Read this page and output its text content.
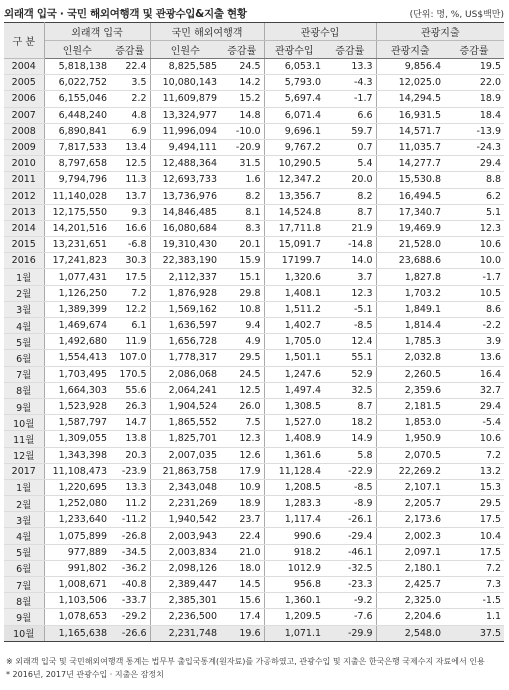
외래객 입국 · 국민 해외여행객 및 관광수입&지출 현황	(단위: 명, %, US$백만)
구 분	외래객 입국		국민 해외여행객		관광수입		관광지출	
	인원수	증감률	인원수	증감률	관광수입	증감률	관광지출	증감률
2004	5,818,138	22.4	8,825,585	24.5	6,053.1	13.3	9,856.4	19.5
2005	6,022,752	3.5	10,080,143	14.2	5,793.0	-4.3	12,025.0	22.0
2006	6,155,046	2.2	11,609,879	15.2	5,697.4	-1.7	14,294.5	18.9
2007	6,448,240	4.8	13,324,977	14.8	6,071.4	6.6	16,931.5	18.4
2008	6,890,841	6.9	11,996,094	-10.0	9,696.1	59.7	14,571.7	-13.9
2009	7,817,533	13.4	9,494,111	-20.9	9,767.2	0.7	11,035.7	-24.3
2010	8,797,658	12.5	12,488,364	31.5	10,290.5	5.4	14,277.7	29.4
2011	9,794,796	11.3	12,693,733	1.6	12,347.2	20.0	15,530.8	8.8
2012	11,140,028	13.7	13,736,976	8.2	13,356.7	8.2	16,494.5	6.2
2013	12,175,550	9.3	14,846,485	8.1	14,524.8	8.7	17,340.7	5.1
2014	14,201,516	16.6	16,080,684	8.3	17,711.8	21.9	19,469.9	12.3
2015	13,231,651	-6.8	19,310,430	20.1	15,091.7	-14.8	21,528.0	10.6
2016	17,241,823	30.3	22,383,190	15.9	17199.7	14.0	23,688.6	10.0
1월	1,077,431	17.5	2,112,337	15.1	1,320.6	3.7	1,827.8	-1.7
2월	1,126,250	7.2	1,876,928	29.8	1,408.1	12.3	1,703.2	10.5
3월	1,389,399	12.2	1,569,162	10.8	1,511.2	-5.1	1,849.1	8.6
4월	1,469,674	6.1	1,636,597	9.4	1,402.7	-8.5	1,814.4	-2.2
5월	1,492,680	11.9	1,656,728	4.9	1,705.0	12.4	1,785.3	3.9
6월	1,554,413	107.0	1,778,317	29.5	1,501.1	55.1	2,032.8	13.6
7월	1,703,495	170.5	2,086,068	24.5	1,247.6	52.9	2,260.5	16.4
8월	1,664,303	55.6	2,064,241	12.5	1,497.4	32.5	2,359.6	32.7
9월	1,523,928	26.3	1,904,524	26.0	1,308.5	8.7	2,181.5	29.4
10월	1,587,797	14.7	1,865,552	7.5	1,527.0	18.2	1,853.0	-5.4
11월	1,309,055	13.8	1,825,701	12.3	1,408.9	14.9	1,950.9	10.6
12월	1,343,398	20.3	2,007,035	12.6	1,361.6	5.8	2,070.5	7.2
2017	11,108,473	-23.9	21,863,758	17.9	11,128.4	-22.9	22,269.2	13.2
1월	1,220,695	13.3	2,343,048	10.9	1,208.5	-8.5	2,107.1	15.3
2월	1,252,080	11.2	2,231,269	18.9	1,283.3	-8.9	2,205.7	29.5
3월	1,233,640	-11.2	1,940,542	23.7	1,117.4	-26.1	2,173.6	17.5
4월	1,075,899	-26.8	2,003,943	22.4	990.6	-29.4	2,002.3	10.4
5월	977,889	-34.5	2,003,834	21.0	918.2	-46.1	2,097.1	17.5
6월	991,802	-36.2	2,098,126	18.0	1012.9	-32.5	2,180.1	7.2
7월	1,008,671	-40.8	2,389,447	14.5	956.8	-23.3	2,425.7	7.3
8월	1,103,506	-33.7	2,385,301	15.6	1,360.1	-9.2	2,325.0	-1.5
9월	1,078,653	-29.2	2,236,500	17.4	1,209.5	-7.6	2,204.6	1.1
10월	1,165,638	-26.6	2,231,748	19.6	1,071.1	-29.9	2,548.0	37.5
※ 외래객 입국 및 국민해외여행객 통계는 법무부 출입국통계(원자료)를 가공하였고, 관광수입 및 지출은 한국은행 국제수지 자료에서 인용
* 2016년, 2017년 관광수입 · 지출은 잠정치
